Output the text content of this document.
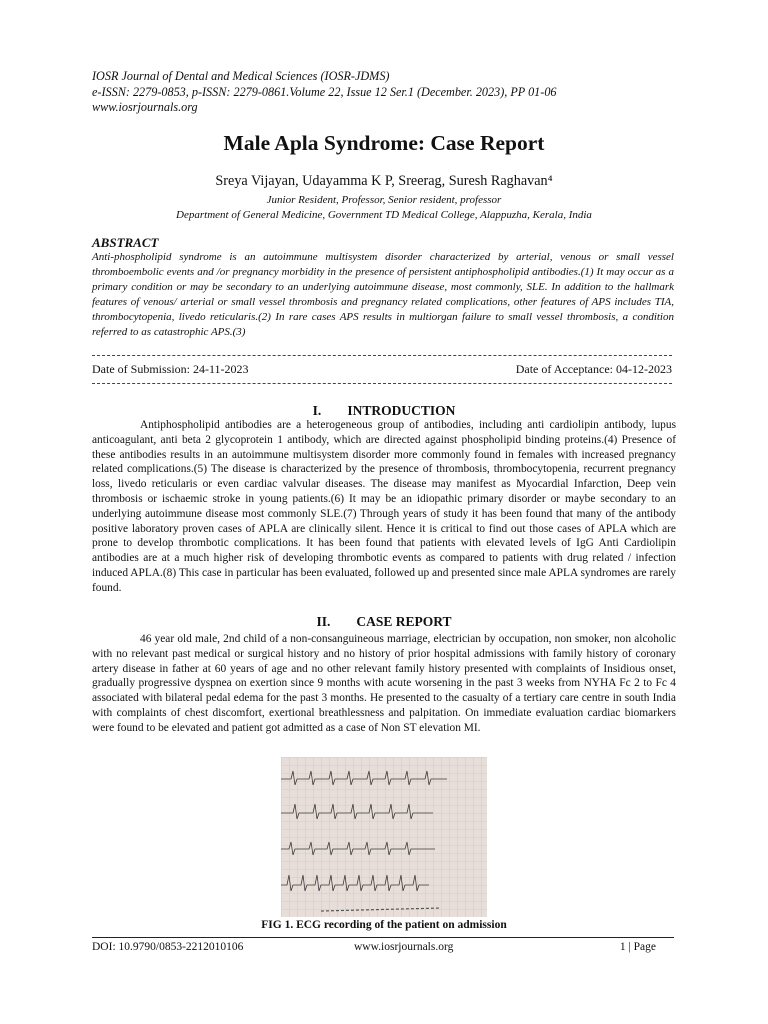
IOSR Journal of Dental and Medical Sciences (IOSR-JDMS)
e-ISSN: 2279-0853, p-ISSN: 2279-0861.Volume 22, Issue 12 Ser.1 (December. 2023), PP 01-06
www.iosrjournals.org
Male Apla Syndrome: Case Report
Sreya Vijayan, Udayamma K P, Sreerag, Suresh Raghavan⁴
Junior Resident, Professor, Senior resident, professor
Department of General Medicine, Government TD Medical College, Alappuzha, Kerala, India
ABSTRACT
Anti-phospholipid syndrome is an autoimmune multisystem disorder characterized by arterial, venous or small vessel thromboembolic events and /or pregnancy morbidity in the presence of persistent antiphospholipid antibodies.(1) It may occur as a primary condition or may be secondary to an underlying autoimmune disease, most commonly, SLE. In addition to the hallmark features of venous/ arterial or small vessel thrombosis and pregnancy related complications, other features of APS includes TIA, thrombocytopenia, livedo reticularis.(2) In rare cases APS results in multiorgan failure to small vessel thrombosis, a condition referred to as catastrophic APS.(3)
Date of Submission: 24-11-2023	Date of Acceptance: 04-12-2023
I. INTRODUCTION

Antiphospholipid antibodies are a heterogeneous group of antibodies, including anti cardiolipin antibody, lupus anticoagulant, anti beta 2 glycoprotein 1 antibody, which are directed against phospholipid binding proteins.(4) Presence of these antibodies results in an autoimmune multisystem disorder more commonly found in females with increased pregnancy related complications.(5) The disease is characterized by the presence of thrombosis, thrombocytopenia, recurrent pregnancy loss, livedo reticularis or even cardiac valvular diseases. The disease may manifest as Myocardial Infarction, Deep vein thrombosis or ischaemic stroke in young patients.(6) It may be an idiopathic primary disorder or maybe secondary to an underlying autoimmune disease most commonly SLE.(7) Through years of study it has been found that many of the antibody positive laboratory proven cases of APLA are clinically silent. Hence it is critical to find out those cases of APLA which are prone to develop thrombotic complications. It has been found that patients with elevated levels of IgG Anti Cardiolipin antibodies are at a much higher risk of developing thrombotic events as compared to patients with drug related / infection induced APLA.(8) This case in particular has been evaluated, followed up and presented since male APLA syndromes are rarely found.

II. CASE REPORT

46 year old male, 2nd child of a non-consanguineous marriage, electrician by occupation, non smoker, non alcoholic with no relevant past medical or surgical history and no history of prior hospital admissions with family history of coronary artery disease in father at 60 years of age and no other relevant family history presented with complaints of Insidious onset, gradually progressive dyspnea on exertion since 9 months with acute worsening in the past 3 weeks from NYHA Fc 2 to Fc 4 associated with bilateral pedal edema for the past 3 months. He presented to the casualty of a tertiary care centre in south India with complaints of chest discomfort, exertional breathlessness and palpitation. On immediate evaluation cardiac biomarkers were found to be elevated and patient got admitted as a case of Non ST elevation MI.

FIG 1. ECG recording of the patient on admission
DOI: 10.9790/0853-2212010106	www.iosrjournals.org	1 | Page
